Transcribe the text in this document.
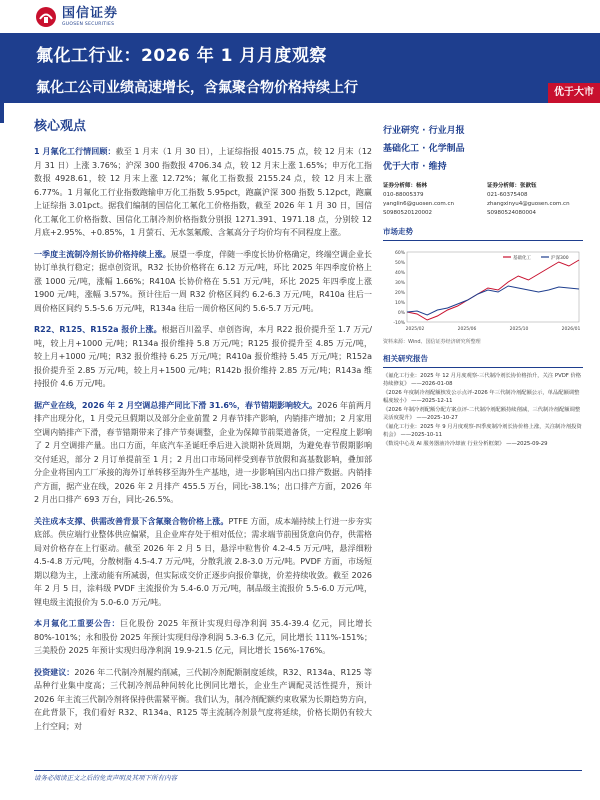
国信证券
GUOSEN SECURITIES
氟化工行业：2026 年 1 月月度观察
氟化工公司业绩高速增长，含氟聚合物价格持续上行	优于大市
核心观点
1 月氟化工行情回顾：截至 1 月末（1 月 30 日），上证综指报 4015.75 点，较 12 月末（12 月 31 日）上涨 3.76%；沪深 300 指数报 4706.34 点，较 12 月末上涨 1.65%；申万化工指数报 4928.61，较 12 月末上涨 12.72%；氟化工指数报 2155.24 点，较 12 月末上涨 6.77%。1 月氟化工行业指数跑输申万化工指数 5.95pct，跑赢沪深 300 指数 5.12pct，跑赢上证综指 3.01pct。据我们编制的国信化工氟化工价格指数，截至 2026 年 1 月 30 日，国信化工氟化工价格指数、国信化工制冷剂价格指数分别报 1271.391、1971.18 点，分别较 12 月底+2.95%、+0.85%，1 月萤石、无水氢氟酸、含氟高分子均价均有不同程度上涨。
一季度主流制冷剂长协价格持续上涨。展望一季度，伴随一季度长协价格确定，终端空调企业长协订单执行稳定；据卓创资讯，R32 长协价格将在 6.12 万元/吨，环比 2025 年四季度价格上涨 1000 元/吨，涨幅 1.66%；R410A 长协价格在 5.51 万元/吨，环比 2025 年四季度上涨 1900 元/吨，涨幅 3.57%。预计往后一周 R32 价格区间约 6.2-6.3 万元/吨，R410a 往后一周价格区间约 5.5-5.6 万元/吨，R134a 往后一周价格区间约 5.6-5.7 万元/吨。
R22、R125、R152a 报价上涨。根据百川盈孚、卓创咨询，本月 R22 报价提升至 1.7 万元/吨，较上月+1000 元/吨；R134a 报价维持 5.8 万元/吨；R125 报价提升至 4.85 万元/吨，较上月+1000 元/吨；R32 报价维持 6.25 万元/吨；R410a 报价维持 5.45 万元/吨；R152a 报价提升至 2.85 万元/吨，较上月+1500 元/吨；R142b 报价维持 2.85 万元/吨；R143a 维持报价 4.6 万元/吨。
据产业在线，2026 年 2 月空调总排产同比下滑 31.6%，春节错期影响较大。2026 年前两月排产出现分化，1 月受元旦假期以及部分企业前置 2 月春节排产影响，内销排产增加；2 月家用空调内销排产下滑，春节错期带来了排产节奏调整，企业为保障节前渠道备货，一定程度上影响了 2 月空调排产量。出口方面，年底汽车圣诞旺季后进入淡期补货周期，为避免春节假期影响交付延迟，部分 2 月订单提前至 1 月；2 月出口市场同样受到春节放假和高基数影响，叠加部分企业将国内工厂承接的海外订单转移至海外生产基地，进一步影响国内出口排产数据。内销排产方面，据产业在线，2026 年 2 月排产 455.5 万台，同比-38.1%；出口排产方面，2026 年 2 月出口排产 693 万台，同比-26.5%。
关注成本支撑、供需改善背景下含氟聚合物价格上涨。PTFE 方面，成本端持续上行进一步夯实底部。供应端行业整体供应偏紧，且企业库存处于相对低位；需求端节前囤货意向仍存，供需格局对价格存在上行驱动。截至 2026 年 2 月 5 日，悬浮中粒售价 4.2-4.5 万元/吨，悬浮细粉 4.5-4.8 万元/吨，分散树脂 4.5-4.7 万元/吨，分散乳液 2.8-3.0 万元/吨。PVDF 方面，市场短期以稳为主，上涨动能有所减弱，但实际成交价正逐步向报价靠拢，价差持续收敛。截至 2026 年 2 月 5 日，涂料级 PVDF 主流报价为 5.4-6.0 万元/吨，制品级主流报价 5.5-6.0 万元/吨，锂电级主流报价为 5.0-6.0 万元/吨。
本月氟化工重要公告：巨化股份 2025 年预计实现归母净利润 35.4-39.4 亿元，同比增长 80%-101%；永和股份 2025 年预计实现归母净利润 5.3-6.3 亿元，同比增长 111%-151%；三美股份 2025 年预计实现归母净利润 19.9-21.5 亿元，同比增长 156%-176%。
投资建议：2026 年二代制冷剂履约削减，三代制冷剂配额制度延续，R32、R134a、R125 等品种行业集中度高；三代制冷剂品种间转化比例同比增长，企业生产调配灵活性提升，预计 2026 年主流三代制冷剂将保持供需紧平衡。我们认为，制冷剂配额约束收紧为长期趋势方向，在此背景下，我们看好 R32、R134a、R125 等主流制冷剂景气度将延续，价格长期仍有较大上行空间；对
行业研究 · 行业月报
基础化工 · 化学制品
优于大市 · 维持
证券分析师：杨林
010-88005379
yanglin6@guosen.com.cn
S0980520120002
证券分析师：张歆钰
021-60375408
zhangxinyu4@guosen.com.cn
S0980524080004
市场走势
-10%
0%
10%
20%
30%
40%
50%
60%
2025/02	2025/06	2025/10	2026/01
基础化工	沪深300
资料来源：Wind、国信证券经济研究所整理
相关研究报告
《氟化工行业：2025 年 12 月月度观察-三代制冷剂长协价格抬升，关注 PVDF 价格持续修复》 ——2026-01-08
《2026 年度制冷剂配额核发公示点评-2026 年三代制冷剂配额公示，单品配额调整幅度较小》 ——2025-12-11
《2026 年制冷剂配额分配方案点评-二代制冷剂配额持续削减，三代制冷剂配额调整灵活度提升》 ——2025-10-27
《氟化工行业：2025 年 9 月月度观察-四季度制冷剂长协价格上涨，关注制冷剂投资机会》 ——2025-10-11
《数说中心及 AI 服务器液冷冷却液 行业分析框架》 ——2025-09-29
请务必阅读正文之后的免责声明及其项下所有内容
